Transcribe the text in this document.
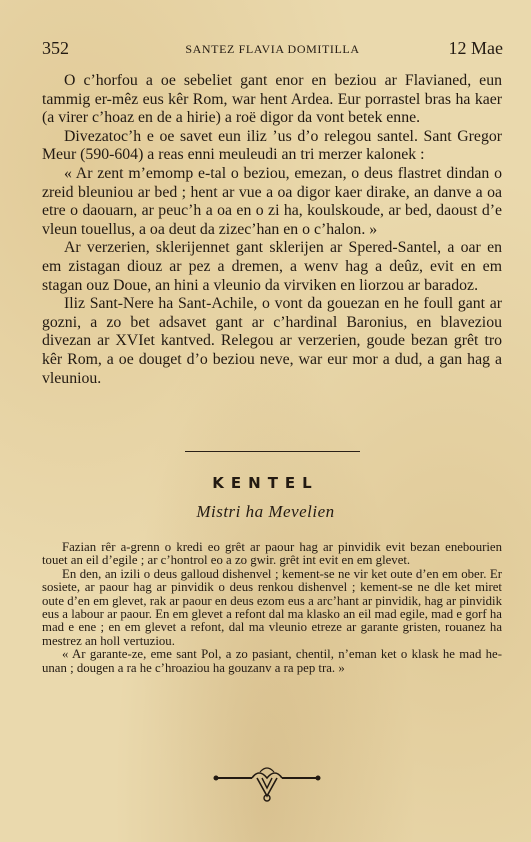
352	SANTEZ FLAVIA DOMITILLA	12 Mae

O c’horfou a oe sebeliet gant enor en beziou ar Flavianed, eun tammig er-mêz eus kêr Rom, war hent Ardea. Eur porrastel bras ha kaer (a virer c’hoaz en de a hirie) a roë digor da vont betek enne.

Divezatoc’h e oe savet eun iliz ’us d’o relegou santel. Sant Gregor Meur (590-604) a reas enni meuleudi an tri merzer kalonek :

« Ar zent m’emomp e-tal o beziou, emezan, o deus flastret dindan o zreid bleuniou ar bed ; hent ar vue a oa digor kaer dirake, an danve a oa etre o daouarn, ar peuc’h a oa en o zi ha, koulskoude, ar bed, daoust d’e vleun touellus, a oa deut da zizec’han en o c’halon. »

Ar verzerien, sklerijennet gant sklerijen ar Spered-Santel, a oar en em zistagan diouz ar pez a dremen, a wenv hag a deûz, evit en em stagan ouz Doue, an hini a vleunio da virviken en liorzou ar baradoz.

Iliz Sant-Nere ha Sant-Achile, o vont da gouezan en he foull gant ar gozni, a zo bet adsavet gant ar c’hardinal Baronius, en blaveziou divezan ar XVIet kantved. Relegou ar verzerien, goude bezan grêt tro kêr Rom, a oe douget d’o beziou neve, war eur mor a dud, a gan hag a vleuniou.

KENTEL
Mistri ha Mevelien

Fazian rêr a-grenn o kredi eo grêt ar paour hag ar pinvidik evit bezan enebourien touet an eil d’egile ; ar c’hontrol eo a zo gwir. grêt int evit en em glevet.

En den, an izili o deus galloud dishenvel ; kement-se ne vir ket oute d’en em ober. Er sosiete, ar paour hag ar pinvidik o deus renkou dishenvel ; kement-se ne dle ket miret oute d’en em glevet, rak ar paour en deus ezom eus a arc’hant ar pinvidik, hag ar pinvidik eus a labour ar paour. En em glevet a refont dal ma klasko an eil mad egile, mad e gorf ha mad e ene ; en em glevet a refont, dal ma vleunio etreze ar garante gristen, rouanez ha mestrez an holl vertuziou.

« Ar garante-ze, eme sant Pol, a zo pasiant, chentil, n’eman ket o klask he mad he-unan ; dougen a ra he c’hroaziou ha gouzanv a ra pep tra. »
